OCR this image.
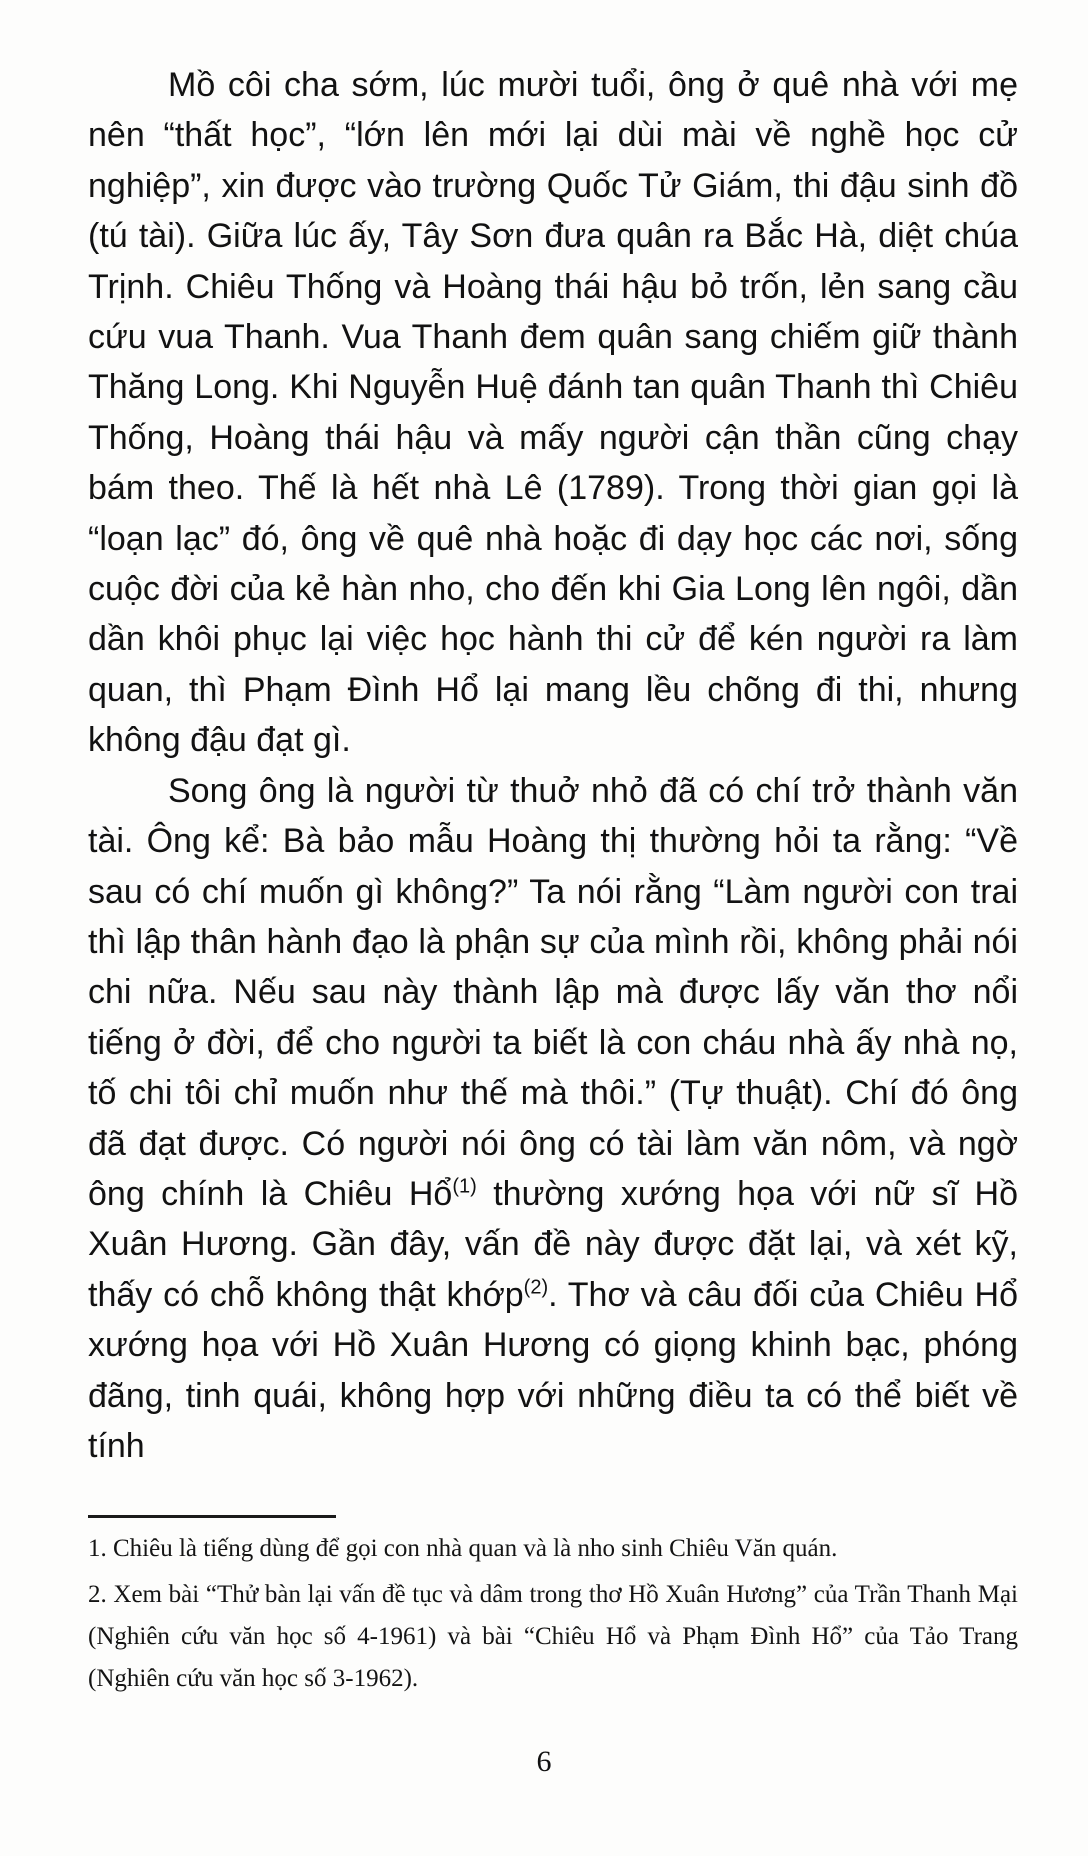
Mồ côi cha sớm, lúc mười tuổi, ông ở quê nhà với mẹ nên “thất học”, “lớn lên mới lại dùi mài về nghề học cử nghiệp”, xin được vào trường Quốc Tử Giám, thi đậu sinh đồ (tú tài). Giữa lúc ấy, Tây Sơn đưa quân ra Bắc Hà, diệt chúa Trịnh. Chiêu Thống và Hoàng thái hậu bỏ trốn, lẻn sang cầu cứu vua Thanh. Vua Thanh đem quân sang chiếm giữ thành Thăng Long. Khi Nguyễn Huệ đánh tan quân Thanh thì Chiêu Thống, Hoàng thái hậu và mấy người cận thần cũng chạy bám theo. Thế là hết nhà Lê (1789). Trong thời gian gọi là “loạn lạc” đó, ông về quê nhà hoặc đi dạy học các nơi, sống cuộc đời của kẻ hàn nho, cho đến khi Gia Long lên ngôi, dần dần khôi phục lại việc học hành thi cử để kén người ra làm quan, thì Phạm Đình Hổ lại mang lều chõng đi thi, nhưng không đậu đạt gì.

Song ông là người từ thuở nhỏ đã có chí trở thành văn tài. Ông kể: Bà bảo mẫu Hoàng thị thường hỏi ta rằng: “Về sau có chí muốn gì không?” Ta nói rằng “Làm người con trai thì lập thân hành đạo là phận sự của mình rồi, không phải nói chi nữa. Nếu sau này thành lập mà được lấy văn thơ nổi tiếng ở đời, để cho người ta biết là con cháu nhà ấy nhà nọ, tố chi tôi chỉ muốn như thế mà thôi.” (Tự thuật). Chí đó ông đã đạt được. Có người nói ông có tài làm văn nôm, và ngờ ông chính là Chiêu Hổ$^{(1)}$ thường xướng họa với nữ sĩ Hồ Xuân Hương. Gần đây, vấn đề này được đặt lại, và xét kỹ, thấy có chỗ không thật khớp$^{(2)}$. Thơ và câu đối của Chiêu Hổ xướng họa với Hồ Xuân Hương có giọng khinh bạc, phóng đãng, tinh quái, không hợp với những điều ta có thể biết về tính

1. Chiêu là tiếng dùng để gọi con nhà quan và là nho sinh Chiêu Văn quán.

2. Xem bài “Thử bàn lại vấn đề tục và dâm trong thơ Hồ Xuân Hương” của Trần Thanh Mại (Nghiên cứu văn học số 4-1961) và bài “Chiêu Hổ và Phạm Đình Hổ” của Tảo Trang (Nghiên cứu văn học số 3-1962).

6
